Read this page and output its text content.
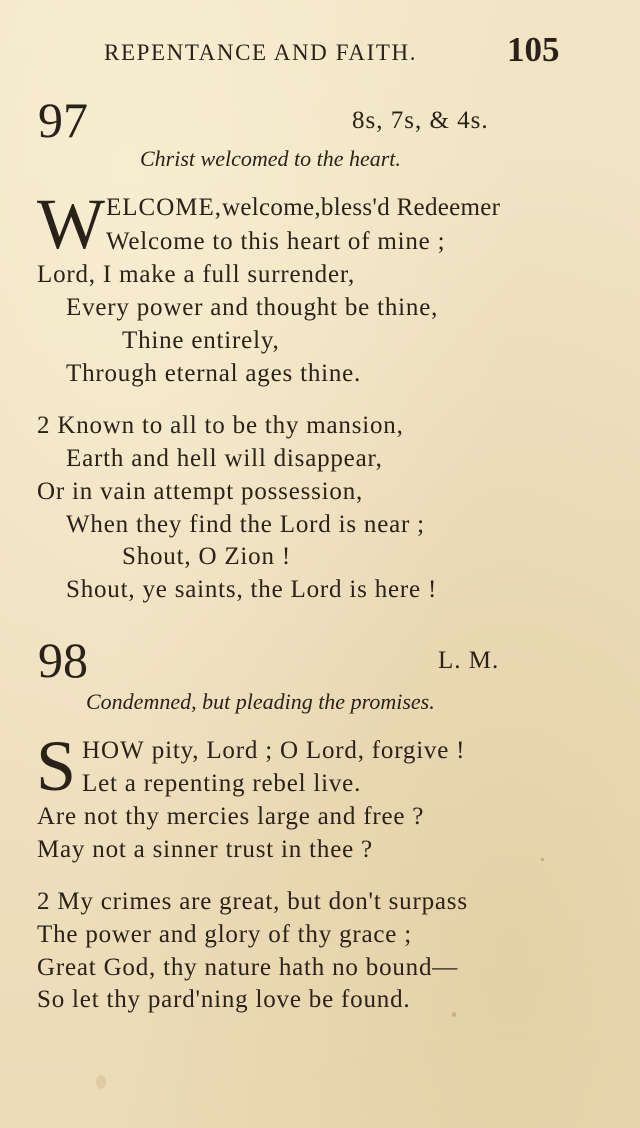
REPENTANCE AND FAITH.	105
97	8s, 7s, & 4s.
Christ welcomed to the heart.
W ELCOME,welcome,bless'd Redeemer
Welcome to this heart of mine ;
Lord, I make a full surrender,
Every power and thought be thine,
Thine entirely,
Through eternal ages thine.
2 Known to all to be thy mansion,
Earth and hell will disappear,
Or in vain attempt possession,
When they find the Lord is near ;
Shout, O Zion !
Shout, ye saints, the Lord is here !
98	L. M.
Condemned, but pleading the promises.
S HOW pity, Lord ; O Lord, forgive !
Let a repenting rebel live.
Are not thy mercies large and free ?
May not a sinner trust in thee ?
2 My crimes are great, but don't surpass
The power and glory of thy grace ;
Great God, thy nature hath no bound—
So let thy pard'ning love be found.
